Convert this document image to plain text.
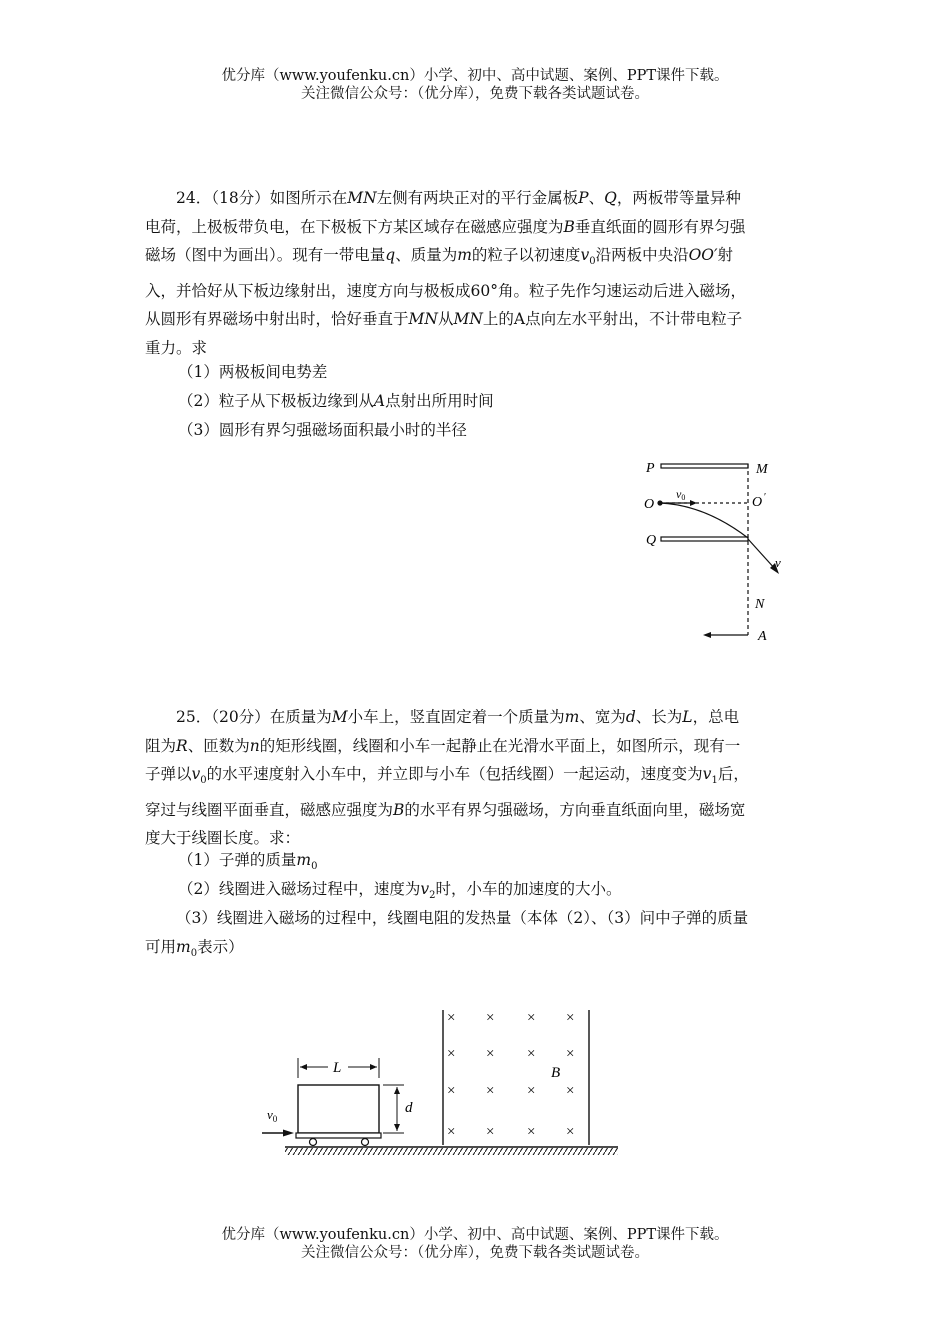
优分库（www.youfenku.cn）小学、初中、高中试题、案例、PPT课件下载。
关注微信公众号：（优分库），免费下载各类试题试卷。
24．（18分）如图所示在MN左侧有两块正对的平行金属板P、Q，两板带等量异种
电荷，上极板带负电，在下极板下方某区域存在磁感应强度为B垂直纸面的圆形有界匀强
磁场（图中为画出）。现有一带电量q、质量为m的粒子以初速度$v_0$沿两板中央沿OO′射
入，并恰好从下板边缘射出，速度方向与极板成60°角。粒子先作匀速运动后进入磁场，
从圆形有界磁场中射出时，恰好垂直于MN从MN上的A点向左水平射出，不计带电粒子
重力。求
（1）两极板间电势差
（2）粒子从下极板边缘到从A点射出所用时间
（3）圆形有界匀强磁场面积最小时的半径
P	M
O
v0	O ′
Q
v
N
A
25．（20分）在质量为M小车上，竖直固定着一个质量为m、宽为d、长为L，总电
阻为R、匝数为n的矩形线圈，线圈和小车一起静止在光滑水平面上，如图所示，现有一
子弹以$v_0$的水平速度射入小车中，并立即与小车（包括线圈）一起运动，速度变为$v_1$后，
穿过与线圈平面垂直，磁感应强度为B的水平有界匀强磁场，方向垂直纸面向里，磁场宽
度大于线圈长度。求：
（1）子弹的质量$m_0$
（2）线圈进入磁场过程中，速度为$v_2$时，小车的加速度的大小。
（3）线圈进入磁场的过程中，线圈电阻的发热量（本体（2）、（3）问中子弹的质量
可用$m_0$表示）
× × × ×
× × × ×
× × × ×
× × × ×
B
L
d
$v_0$
优分库（www.youfenku.cn）小学、初中、高中试题、案例、PPT课件下载。
关注微信公众号：（优分库），免费下载各类试题试卷。
